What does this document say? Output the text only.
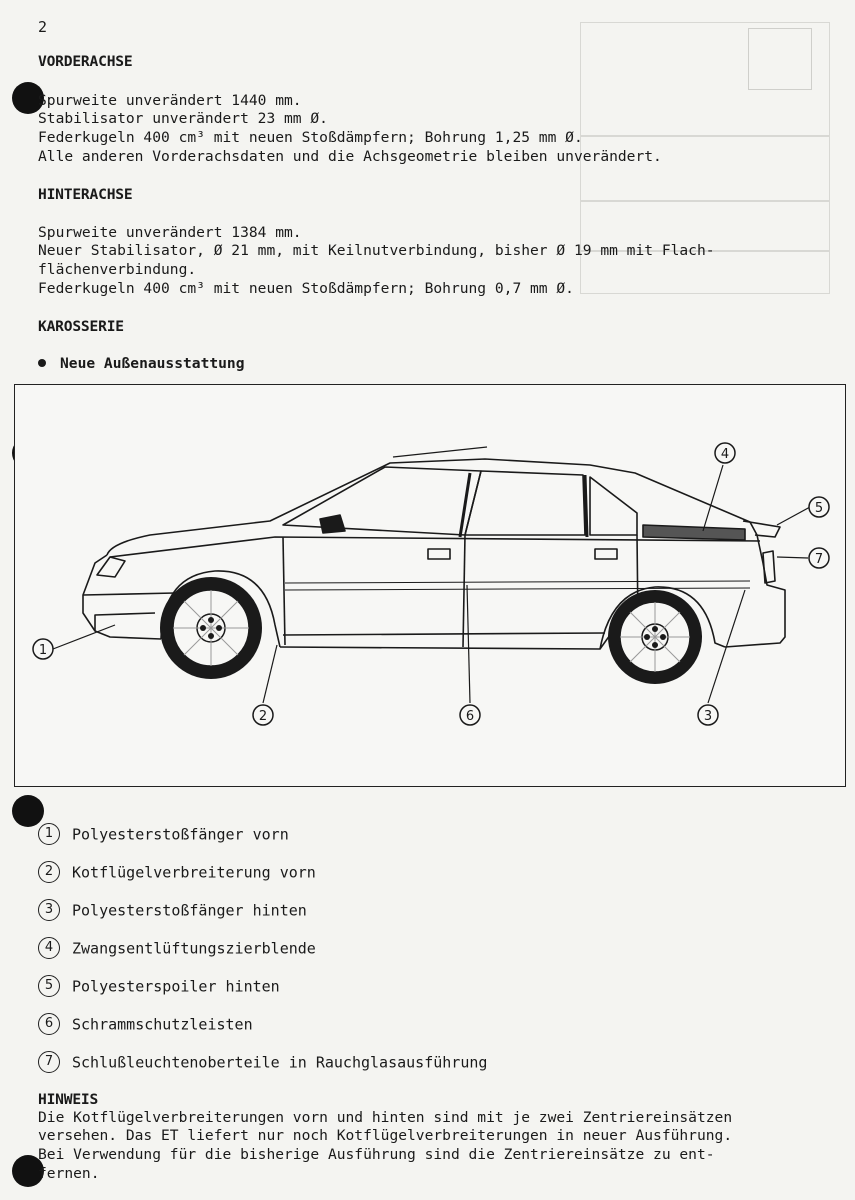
2
VORDERACHSE
Spurweite unverändert 1440 mm.
Stabilisator unverändert 23 mm Ø.
Federkugeln 400 cm³ mit neuen Stoßdämpfern; Bohrung 1,25 mm Ø.
Alle anderen Vorderachsdaten und die Achsgeometrie bleiben unverändert.
HINTERACHSE
Spurweite unverändert 1384 mm.
Neuer Stabilisator, Ø 21 mm, mit Keilnutverbindung, bisher Ø 19 mm mit Flach-
flächenverbindung.
Federkugeln 400 cm³ mit neuen Stoßdämpfern; Bohrung 0,7 mm Ø.
KAROSSERIE
Neue Außenausstattung
1
2	3
4
5
6
7
1 Polyesterstoßfänger vorn
2 Kotflügelverbreiterung vorn
3 Polyesterstoßfänger hinten
4 Zwangsentlüftungszierblende
5 Polyesterspoiler hinten
6 Schrammschutzleisten
7 Schlußleuchtenoberteile in Rauchglasausführung
HINWEIS
Die Kotflügelverbreiterungen vorn und hinten sind mit je zwei Zentriereinsätzen
versehen. Das ET liefert nur noch Kotflügelverbreiterungen in neuer Ausführung.
Bei Verwendung für die bisherige Ausführung sind die Zentriereinsätze zu ent-
fernen.
